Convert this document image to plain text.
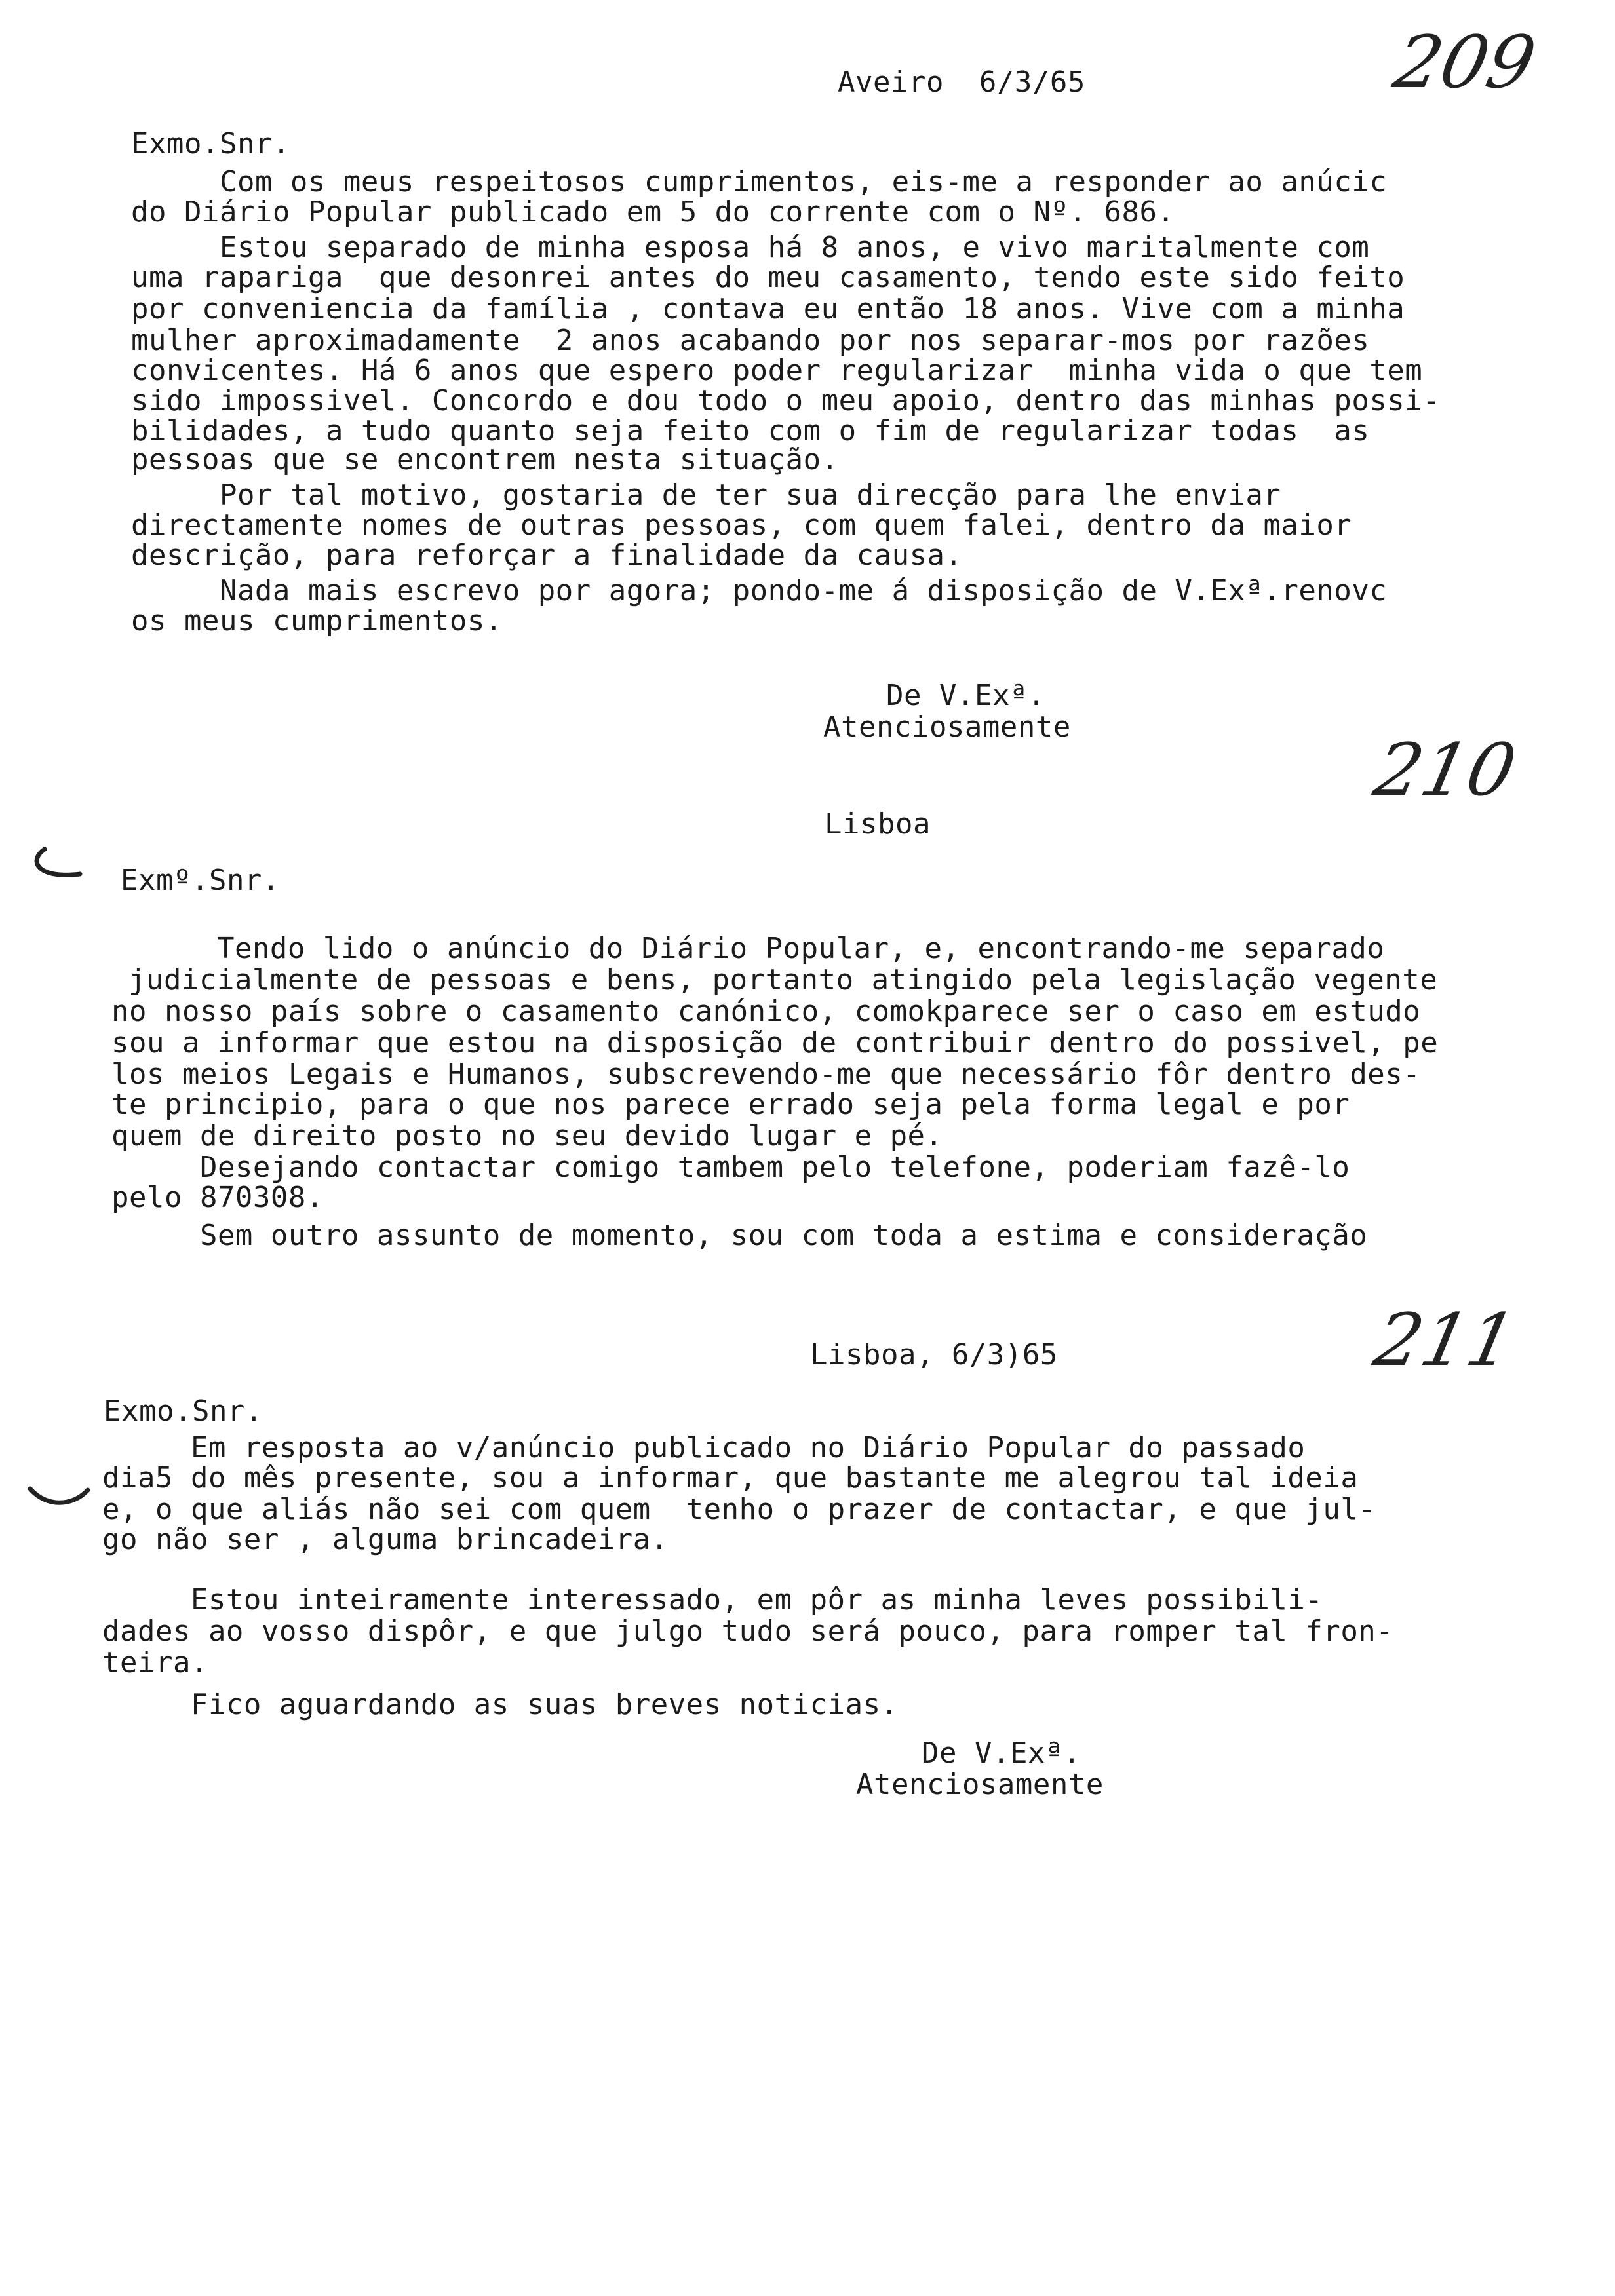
Aveiro  6/3/65	209
Exmo.Snr.
Com os meus respeitosos cumprimentos, eis-me a responder ao anúcic
do Diário Popular publicado em 5 do corrente com o Nº. 686.
Estou separado de minha esposa há 8 anos, e vivo maritalmente com
uma rapariga  que desonrei antes do meu casamento, tendo este sido feito
por conveniencia da família , contava eu então 18 anos. Vive com a minha
mulher aproximadamente  2 anos acabando por nos separar-mos por razões
convicentes. Há 6 anos que espero poder regularizar  minha vida o que tem
sido impossivel. Concordo e dou todo o meu apoio, dentro das minhas possi-
bilidades, a tudo quanto seja feito com o fim de regularizar todas  as
pessoas que se encontrem nesta situação.
Por tal motivo, gostaria de ter sua direcção para lhe enviar
directamente nomes de outras pessoas, com quem falei, dentro da maior
descrição, para reforçar a finalidade da causa.
Nada mais escrevo por agora; pondo-me á disposição de V.Exª.renovc
os meus cumprimentos.
De V.Exª.
Atenciosamente
210
Lisboa
Exmº.Snr.
Tendo lido o anúncio do Diário Popular, e, encontrando-me separado
judicialmente de pessoas e bens, portanto atingido pela legislação vegente
no nosso país sobre o casamento canónico, comokparece ser o caso em estudo
sou a informar que estou na disposição de contribuir dentro do possivel, pe
los meios Legais e Humanos, subscrevendo-me que necessário fôr dentro des-
te principio, para o que nos parece errado seja pela forma legal e por
quem de direito posto no seu devido lugar e pé.
Desejando contactar comigo tambem pelo telefone, poderiam fazê-lo
pelo 870308.
Sem outro assunto de momento, sou com toda a estima e consideração
Lisboa, 6/3)65	211
Exmo.Snr.
Em resposta ao v/anúncio publicado no Diário Popular do passado
dia5 do mês presente, sou a informar, que bastante me alegrou tal ideia
e, o que aliás não sei com quem  tenho o prazer de contactar, e que jul-
go não ser , alguma brincadeira.
Estou inteiramente interessado, em pôr as minha leves possibili-
dades ao vosso dispôr, e que julgo tudo será pouco, para romper tal fron-
teira.
Fico aguardando as suas breves noticias.
De V.Exª.
Atenciosamente
